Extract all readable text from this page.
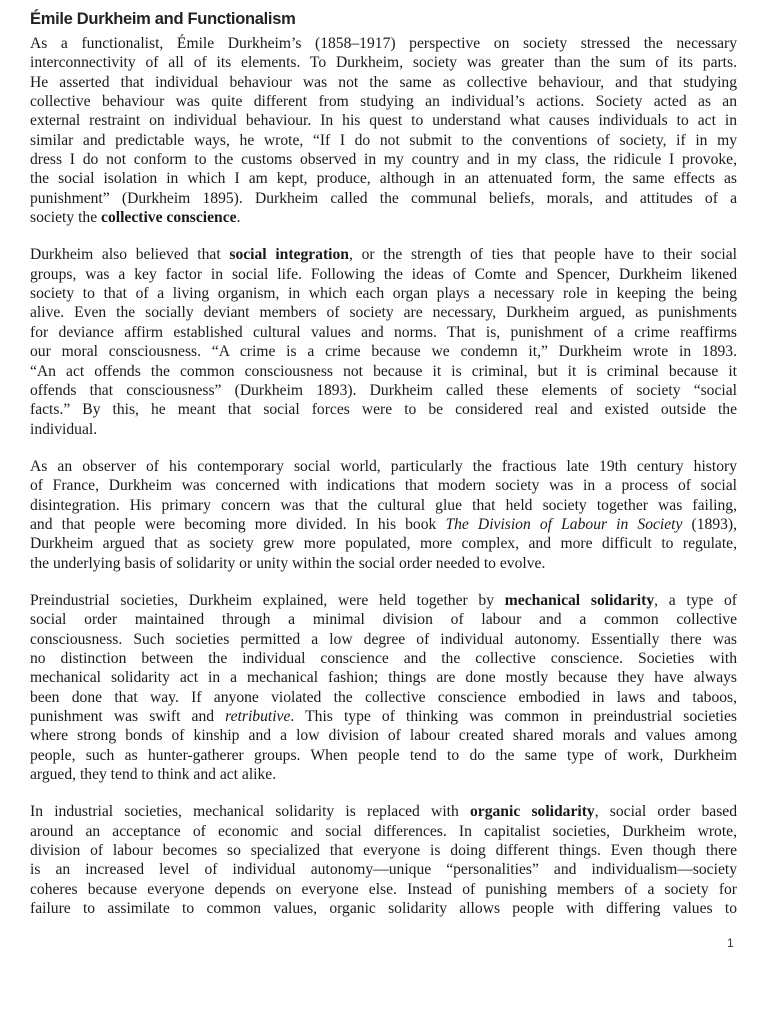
Émile Durkheim and Functionalism
As a functionalist, Émile Durkheim’s (1858–1917) perspective on society stressed the necessary
interconnectivity of all of its elements. To Durkheim, society was greater than the sum of its parts.
He asserted that individual behaviour was not the same as collective behaviour, and that studying
collective behaviour was quite different from studying an individual’s actions. Society acted as an
external restraint on individual behaviour. In his quest to understand what causes individuals to act in
similar and predictable ways, he wrote, “If I do not submit to the conventions of society, if in my
dress I do not conform to the customs observed in my country and in my class, the ridicule I provoke,
the social isolation in which I am kept, produce, although in an attenuated form, the same effects as
punishment” (Durkheim 1895). Durkheim called the communal beliefs, morals, and attitudes of a
society the collective conscience.
Durkheim also believed that social integration, or the strength of ties that people have to their social
groups, was a key factor in social life. Following the ideas of Comte and Spencer, Durkheim likened
society to that of a living organism, in which each organ plays a necessary role in keeping the being
alive. Even the socially deviant members of society are necessary, Durkheim argued, as punishments
for deviance affirm established cultural values and norms. That is, punishment of a crime reaffirms
our moral consciousness. “A crime is a crime because we condemn it,” Durkheim wrote in 1893.
“An act offends the common consciousness not because it is criminal, but it is criminal because it
offends that consciousness” (Durkheim 1893). Durkheim called these elements of society “social
facts.” By this, he meant that social forces were to be considered real and existed outside the
individual.
As an observer of his contemporary social world, particularly the fractious late 19th century history
of France, Durkheim was concerned with indications that modern society was in a process of social
disintegration. His primary concern was that the cultural glue that held society together was failing,
and that people were becoming more divided. In his book The Division of Labour in Society (1893),
Durkheim argued that as society grew more populated, more complex, and more difficult to regulate,
the underlying basis of solidarity or unity within the social order needed to evolve.
Preindustrial societies, Durkheim explained, were held together by mechanical solidarity, a type of
social order maintained through a minimal division of labour and a common collective
consciousness. Such societies permitted a low degree of individual autonomy. Essentially there was
no distinction between the individual conscience and the collective conscience. Societies with
mechanical solidarity act in a mechanical fashion; things are done mostly because they have always
been done that way. If anyone violated the collective conscience embodied in laws and taboos,
punishment was swift and retributive. This type of thinking was common in preindustrial societies
where strong bonds of kinship and a low division of labour created shared morals and values among
people, such as hunter-gatherer groups. When people tend to do the same type of work, Durkheim
argued, they tend to think and act alike.
In industrial societies, mechanical solidarity is replaced with organic solidarity, social order based
around an acceptance of economic and social differences. In capitalist societies, Durkheim wrote,
division of labour becomes so specialized that everyone is doing different things. Even though there
is an increased level of individual autonomy—unique “personalities” and individualism—society
coheres because everyone depends on everyone else. Instead of punishing members of a society for
failure to assimilate to common values, organic solidarity allows people with differing values to
1
